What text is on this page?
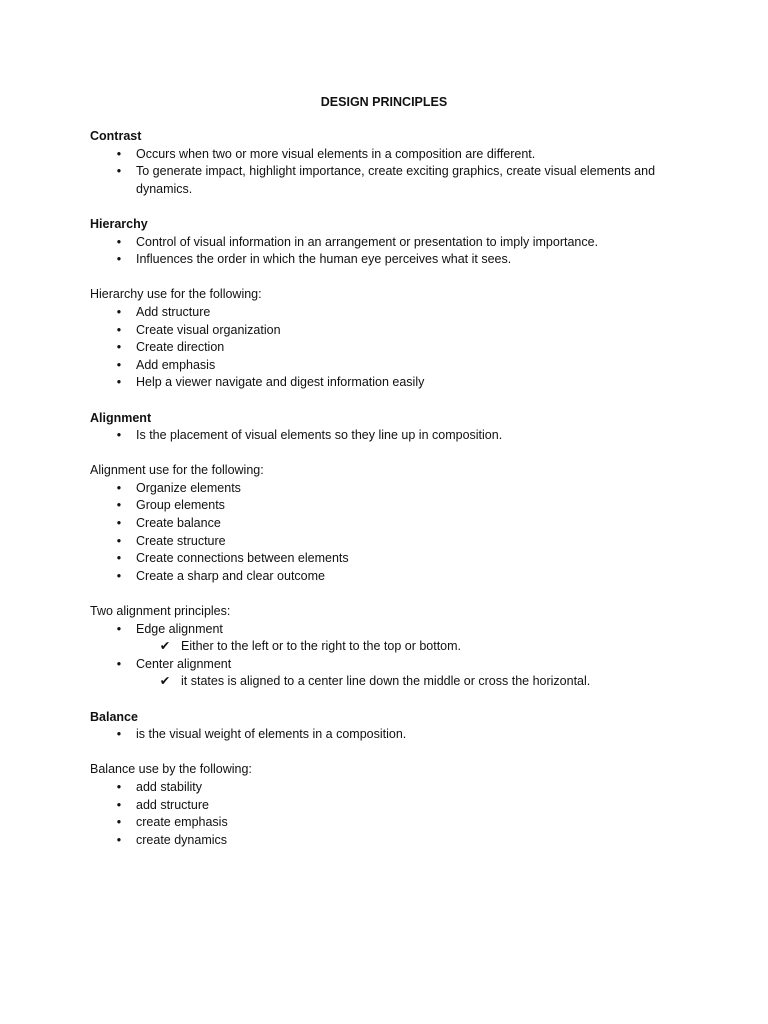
DESIGN PRINCIPLES
Contrast
• Occurs when two or more visual elements in a composition are different.
• To generate impact, highlight importance, create exciting graphics, create visual elements and dynamics.
Hierarchy
• Control of visual information in an arrangement or presentation to imply importance.
• Influences the order in which the human eye perceives what it sees.
Hierarchy use for the following:
• Add structure
• Create visual organization
• Create direction
• Add emphasis
• Help a viewer navigate and digest information easily
Alignment
• Is the placement of visual elements so they line up in composition.
Alignment use for the following:
• Organize elements
• Group elements
• Create balance
• Create structure
• Create connections between elements
• Create a sharp and clear outcome
Two alignment principles:
• Edge alignment
✔ Either to the left or to the right to the top or bottom.
• Center alignment
✔ it states is aligned to a center line down the middle or cross the horizontal.
Balance
• is the visual weight of elements in a composition.
Balance use by the following:
• add stability
• add structure
• create emphasis
• create dynamics
